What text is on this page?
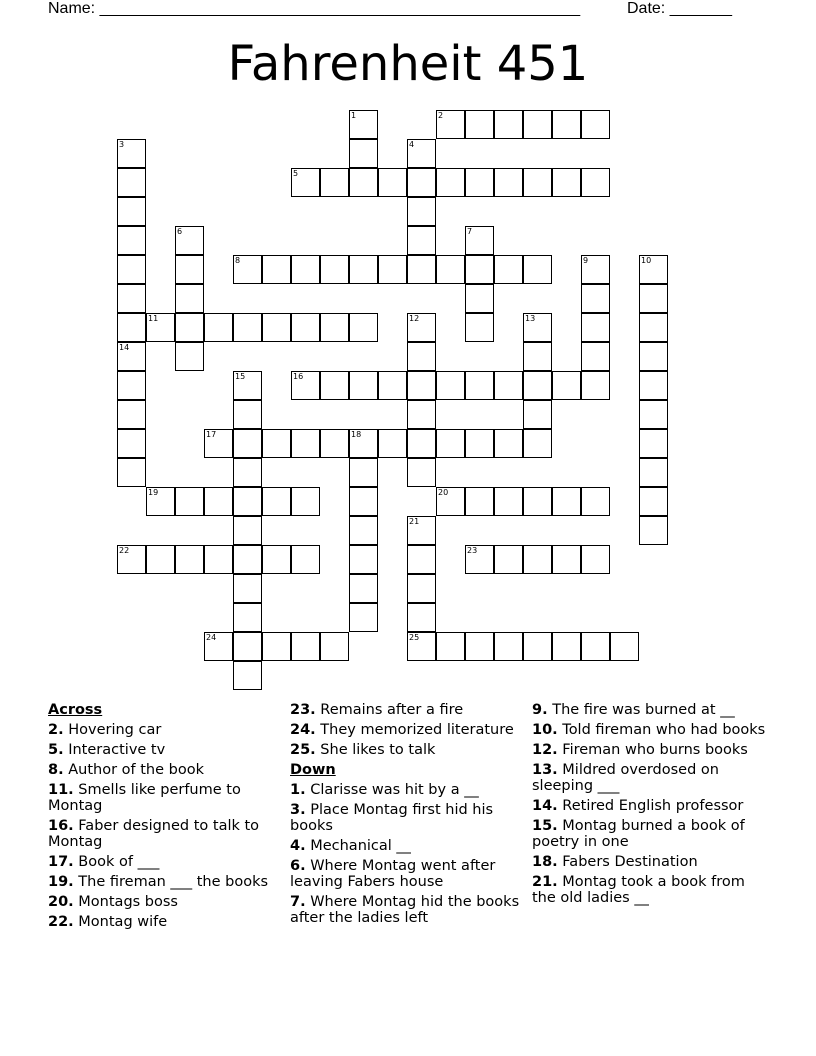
Name: ______________________________________________________	Date: _______
Fahrenheit 451
2
5
8
11
16
17	18
19	20
22	23
24	25
1
3	4
6	7
9	10
12	13
14
15
21
Across
2. Hovering car
5. Interactive tv
8. Author of the book
11. Smells like perfume to Montag
16. Faber designed to talk to Montag
17. Book of ___
19. The fireman ___ the books
20. Montags boss
22. Montag wife
23. Remains after a fire
24. They memorized literature
25. She likes to talk
Down
1. Clarisse was hit by a __
3. Place Montag first hid his books
4. Mechanical __
6. Where Montag went after leaving Fabers house
7. Where Montag hid the books after the ladies left
9. The fire was burned at __
10. Told fireman who had books
12. Fireman who burns books
13. Mildred overdosed on sleeping ___
14. Retired English professor
15. Montag burned a book of poetry in one
18. Fabers Destination
21. Montag took a book from the old ladies __
